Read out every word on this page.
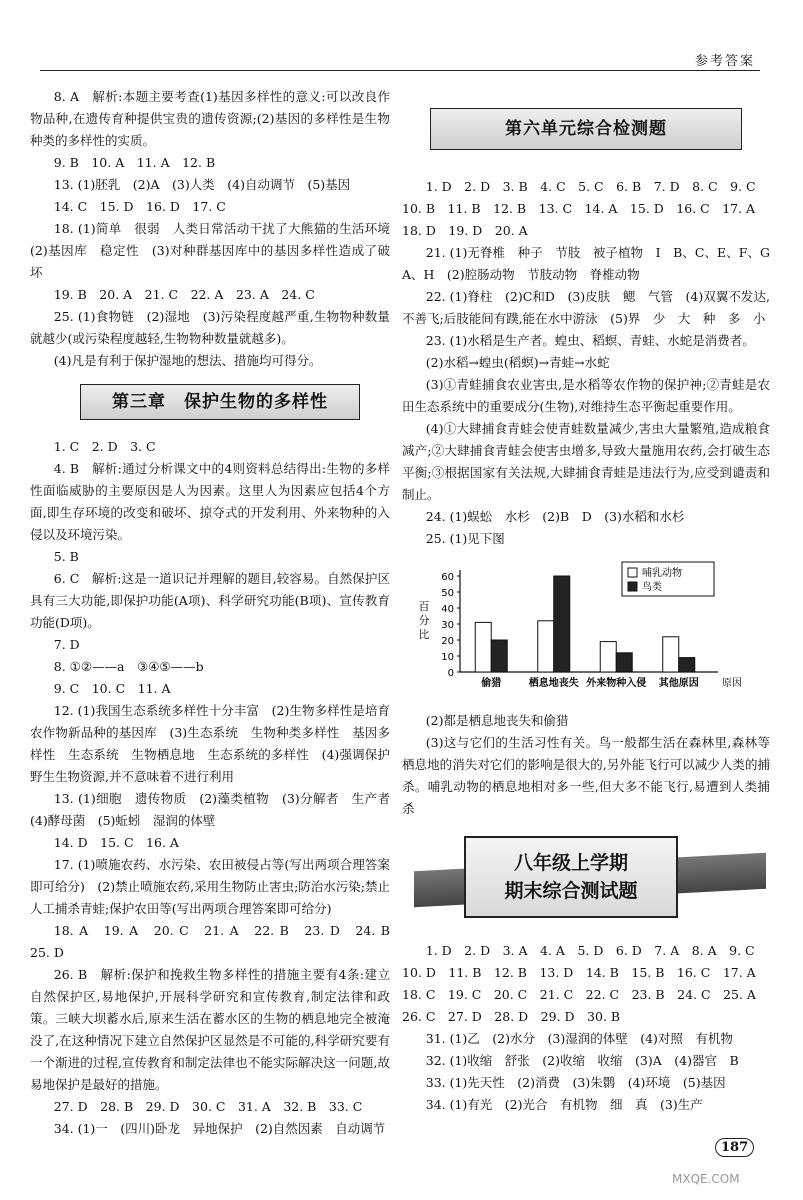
参考答案
8. A　解析:本题主要考查(1)基因多样性的意义:可以改良作物品种,在遗传育种提供宝贵的遗传资源;(2)基因的多样性是生物种类的多样性的实质。
9. B　10. A　11. A　12. B
13. (1)胚乳　(2)A　(3)人类　(4)自动调节　(5)基因
14. C　15. D　16. D　17. C
18. (1)简单　很弱　人类日常活动干扰了大熊猫的生活环境　(2)基因库　稳定性　(3)对种群基因库中的基因多样性造成了破坏
19. B　20. A　21. C　22. A　23. A　24. C
25. (1)食物链　(2)湿地　(3)污染程度越严重,生物物种数量就越少(或污染程度越轻,生物物种数量就越多)。
(4)凡是有利于保护湿地的想法、措施均可得分。
第三章　保护生物的多样性
1. C　2. D　3. C
4. B　解析:通过分析课文中的4则资料总结得出:生物的多样性面临威胁的主要原因是人为因素。这里人为因素应包括4个方面,即生存环境的改变和破坏、掠夺式的开发利用、外来物种的入侵以及环境污染。
5. B
6. C　解析:这是一道识记并理解的题目,较容易。自然保护区具有三大功能,即保护功能(A项)、科学研究功能(B项)、宣传教育功能(D项)。
7. D
8. ①②——a　③④⑤——b
9. C　10. C　11. A
12. (1)我国生态系统多样性十分丰富　(2)生物多样性是培育农作物新品种的基因库　(3)生态系统　生物种类多样性　基因多样性　生态系统　生物栖息地　生态系统的多样性　(4)强调保护野生生物资源,并不意味着不进行利用
13. (1)细胞　遗传物质　(2)藻类植物　(3)分解者　生产者　(4)酵母菌　(5)蚯蚓　湿润的体壁
14. D　15. C　16. A
17. (1)喷施农药、水污染、农田被侵占等(写出两项合理答案即可给分)　(2)禁止喷施农药,采用生物防止害虫;防治水污染;禁止人工捕杀青蛙;保护农田等(写出两项合理答案即可给分)
18. A　19. A　20. C　21. A　22. B　23. D　24. B　25. D
26. B　解析:保护和挽救生物多样性的措施主要有4条:建立自然保护区,易地保护,开展科学研究和宣传教育,制定法律和政策。三峡大坝蓄水后,原来生活在蓄水区的生物的栖息地完全被淹没了,在这种情况下建立自然保护区显然是不可能的,科学研究要有一个渐进的过程,宣传教育和制定法律也不能实际解决这一问题,故易地保护是最好的措施。
27. D　28. B　29. D　30. C　31. A　32. B　33. C
34. (1)一　(四川)卧龙　异地保护　(2)自然因素　自动调节
第六单元综合检测题
1. D　2. D　3. B　4. C　5. C　6. B　7. D　8. C　9. C
10. B　11. B　12. B　13. C　14. A　15. D　16. C　17. A
18. D　19. D　20. A
21. (1)无脊椎　种子　节肢　被子植物　I　B、C、E、F、G　A、H　(2)腔肠动物　节肢动物　脊椎动物
22. (1)脊柱　(2)C和D　(3)皮肤　鳃　气管　(4)双翼不发达,不善飞;后肢能间有蹼,能在水中游泳　(5)界　少　大　种　多　小
23. (1)水稻是生产者。蝗虫、稻螟、青蛙、水蛇是消费者。
(2)水稻→蝗虫(稻螟)→青蛙→水蛇
(3)①青蛙捕食农业害虫,是水稻等农作物的保护神;②青蛙是农田生态系统中的重要成分(生物),对维持生态平衡起重要作用。
(4)①大肆捕食青蛙会使青蛙数量减少,害虫大量繁殖,造成粮食减产;②大肆捕食青蛙会使害虫增多,导致大量施用农药,会打破生态平衡;③根据国家有关法规,大肆捕食青蛙是违法行为,应受到谴责和制止。
24. (1)蜈蚣　水杉　(2)B　D　(3)水稻和水杉
25. (1)见下图
0
10
20
30
40
50
60
百
分
比
偷猎	栖息地丧失 外来物种入侵 其他原因 原因
哺乳动物
鸟类
(2)都是栖息地丧失和偷猎
(3)这与它们的生活习性有关。鸟一般都生活在森林里,森林等栖息地的消失对它们的影响是很大的,另外能飞行可以减少人类的捕杀。哺乳动物的栖息地相对多一些,但大多不能飞行,易遭到人类捕杀
八年级上学期
期末综合测试题
1. D　2. D　3. A　4. A　5. D　6. D　7. A　8. A　9. C
10. D　11. B　12. B　13. D　14. B　15. B　16. C　17. A
18. C　19. C　20. C　21. C　22. C　23. B　24. C　25. A
26. C　27. D　28. D　29. D　30. B
31. (1)乙　(2)水分　(3)湿润的体壁　(4)对照　有机物
32. (1)收缩　舒张　(2)收缩　收缩　(3)A　(4)器官　B
33. (1)先天性　(2)消费　(3)朱鹮　(4)环境　(5)基因
34. (1)有光　(2)光合　有机物　细　真　(3)生产
187
MXQE.COM
